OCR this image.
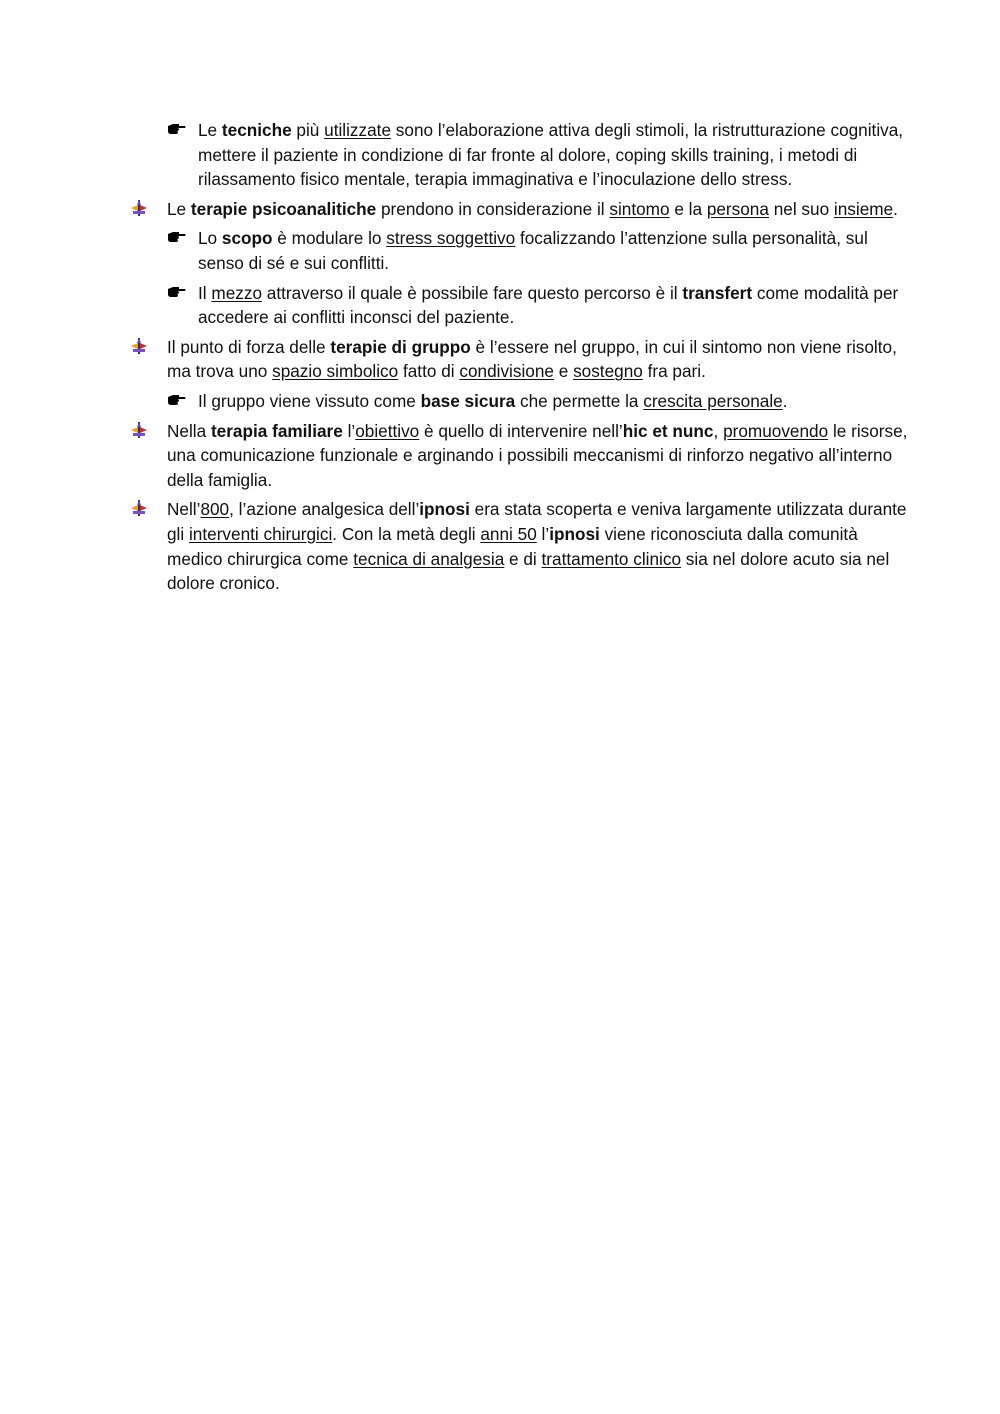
Le tecniche più utilizzate sono l’elaborazione attiva degli stimoli, la ristrutturazione cognitiva, mettere il paziente in condizione di far fronte al dolore, coping skills training, i metodi di rilassamento fisico mentale, terapia immaginativa e l’inoculazione dello stress.
Le terapie psicoanalitiche prendono in considerazione il sintomo e la persona nel suo insieme.
Lo scopo è modulare lo stress soggettivo focalizzando l’attenzione sulla personalità, sul senso di sé e sui conflitti.
Il mezzo attraverso il quale è possibile fare questo percorso è il transfert come modalità per accedere ai conflitti inconsci del paziente.
Il punto di forza delle terapie di gruppo è l’essere nel gruppo, in cui il sintomo non viene risolto, ma trova uno spazio simbolico fatto di condivisione e sostegno fra pari.
Il gruppo viene vissuto come base sicura che permette la crescita personale.
Nella terapia familiare l’obiettivo è quello di intervenire nell’hic et nunc, promuovendo le risorse, una comunicazione funzionale e arginando i possibili meccanismi di rinforzo negativo all’interno della famiglia.
Nell’800, l’azione analgesica dell’ipnosi era stata scoperta e veniva largamente utilizzata durante gli interventi chirurgici. Con la metà degli anni 50 l’ipnosi viene riconosciuta dalla comunità medico chirurgica come tecnica di analgesia e di trattamento clinico sia nel dolore acuto sia nel dolore cronico.
